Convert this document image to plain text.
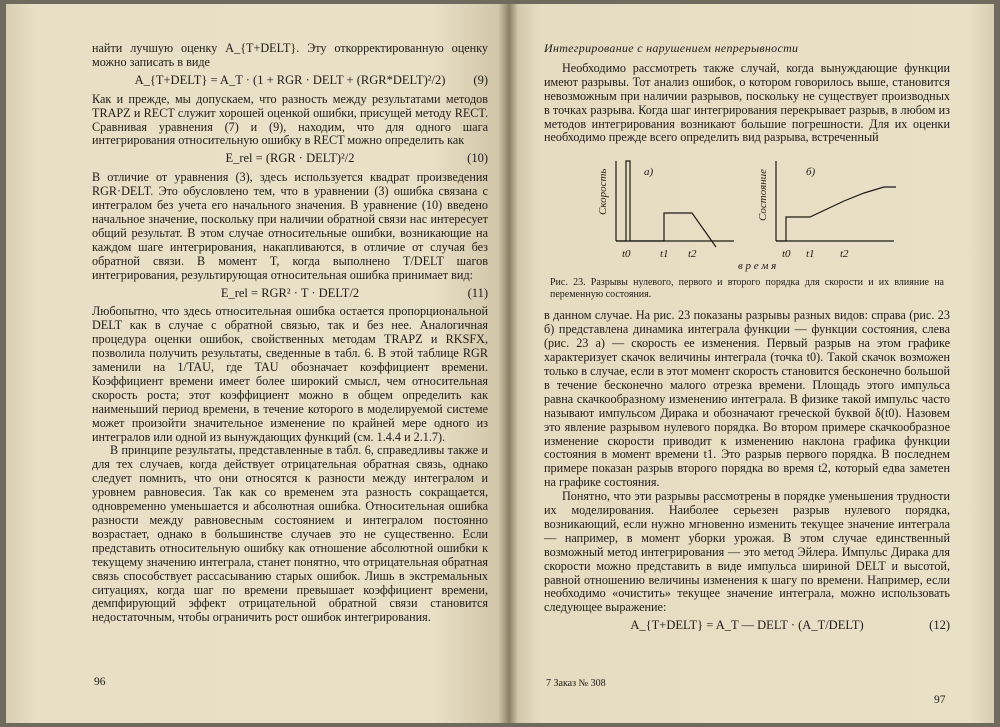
найти лучшую оценку A_{T+DELT}. Эту откорректированную оценку можно записать в виде

A_{T+DELT} = A_T · (1 + RGR · DELT + (RGR*DELT)²/2) (9)

Как и прежде, мы допускаем, что разность между результатами методов TRAPZ и RECT служит хорошей оценкой ошибки, присущей методу RECT. Сравнивая уравнения (7) и (9), находим, что для одного шага интегрирования относительную ошибку в RECT можно определить как

E_rel = (RGR · DELT)²/2	(10)

В отличие от уравнения (3), здесь используется квадрат произведения RGR·DELT. Это обусловлено тем, что в уравнении (3) ошибка связана с интегралом без учета его начального значения. В уравнение (10) введено начальное значение, поскольку при наличии обратной связи нас интересует общий результат. В этом случае относительные ошибки, возникающие на каждом шаге интегрирования, накапливаются, в отличие от случая без обратной связи. В момент T, когда выполнено T/DELT шагов интегрирования, результирующая относительная ошибка принимает вид:

E_rel = RGR² · T · DELT/2	(11)

Любопытно, что здесь относительная ошибка остается пропорциональной DELT как в случае с обратной связью, так и без нее. Аналогичная процедура оценки ошибок, свойственных методам TRAPZ и RKSFX, позволила получить результаты, сведенные в табл. 6. В этой таблице RGR заменили на 1/TAU, где TAU обозначает коэффициент времени. Коэффициент времени имеет более широкий смысл, чем относительная скорость роста; этот коэффициент можно в общем определить как наименьший период времени, в течение которого в моделируемой системе может произойти значительное изменение по крайней мере одного из интегралов или одной из вынуждающих функций (см. 1.4.4 и 2.1.7).

В принципе результаты, представленные в табл. 6, справедливы также и для тех случаев, когда действует отрицательная обратная связь, однако следует помнить, что они относятся к разности между интегралом и уровнем равновесия. Так как со временем эта разность сокращается, одновременно уменьшается и абсолютная ошибка. Относительная ошибка разности между равновесным состоянием и интегралом постоянно возрастает, однако в большинстве случаев это не существенно. Если представить относительную ошибку как отношение абсолютной ошибки к текущему значению интеграла, станет понятно, что отрицательная обратная связь способствует рассасыванию старых ошибок. Лишь в экстремальных ситуациях, когда шаг по времени превышает коэффициент времени, демпфирующий эффект отрицательной обратной связи становится недостаточным, чтобы ограничить рост ошибок интегрирования.

96
Интегрирование с нарушением непрерывности

Необходимо рассмотреть также случай, когда вынуждающие функции имеют разрывы. Тот анализ ошибок, о котором говорилось выше, становится невозможным при наличии разрывов, поскольку не существует производных в точках разрыва. Когда шаг интегрирования перекрывает разрыв, в любом из методов интегрирования возникают большие погрешности. Для их оценки необходимо прежде всего определить вид разрыва, встреченный

а)
Скорость
t0	t1 t2
б)
Состояние
t0 t1 t2
в р е м я

Рис. 23. Разрывы нулевого, первого и второго порядка для скорости и их влияние на переменную состояния.

в данном случае. На рис. 23 показаны разрывы разных видов: справа (рис. 23 б) представлена динамика интеграла функции — функции состояния, слева (рис. 23 а) — скорость ее изменения. Первый разрыв на этом графике характеризует скачок величины интеграла (точка t0). Такой скачок возможен только в случае, если в этот момент скорость становится бесконечно большой в течение бесконечно малого отрезка времени. Площадь этого импульса равна скачкообразному изменению интеграла. В физике такой импульс часто называют импульсом Дирака и обозначают греческой буквой δ(t0). Назовем это явление разрывом нулевого порядка. Во втором примере скачкообразное изменение скорости приводит к изменению наклона графика функции состояния в момент времени t1. Это разрыв первого порядка. В последнем примере показан разрыв второго порядка во время t2, который едва заметен на графике состояния.

Понятно, что эти разрывы рассмотрены в порядке уменьшения трудности их моделирования. Наиболее серьезен разрыв нулевого порядка, возникающий, если нужно мгновенно изменить текущее значение интеграла — например, в момент уборки урожая. В этом случае единственный возможный метод интегрирования — это метод Эйлера. Импульс Дирака для скорости можно представить в виде импульса шириной DELT и высотой, равной отношению величины изменения к шагу по времени. Например, если необходимо «очистить» текущее значение интеграла, можно использовать следующее выражение:

A_{T+DELT} = A_T — DELT · (A_T/DELT)	(12)
7 Заказ № 308
97
